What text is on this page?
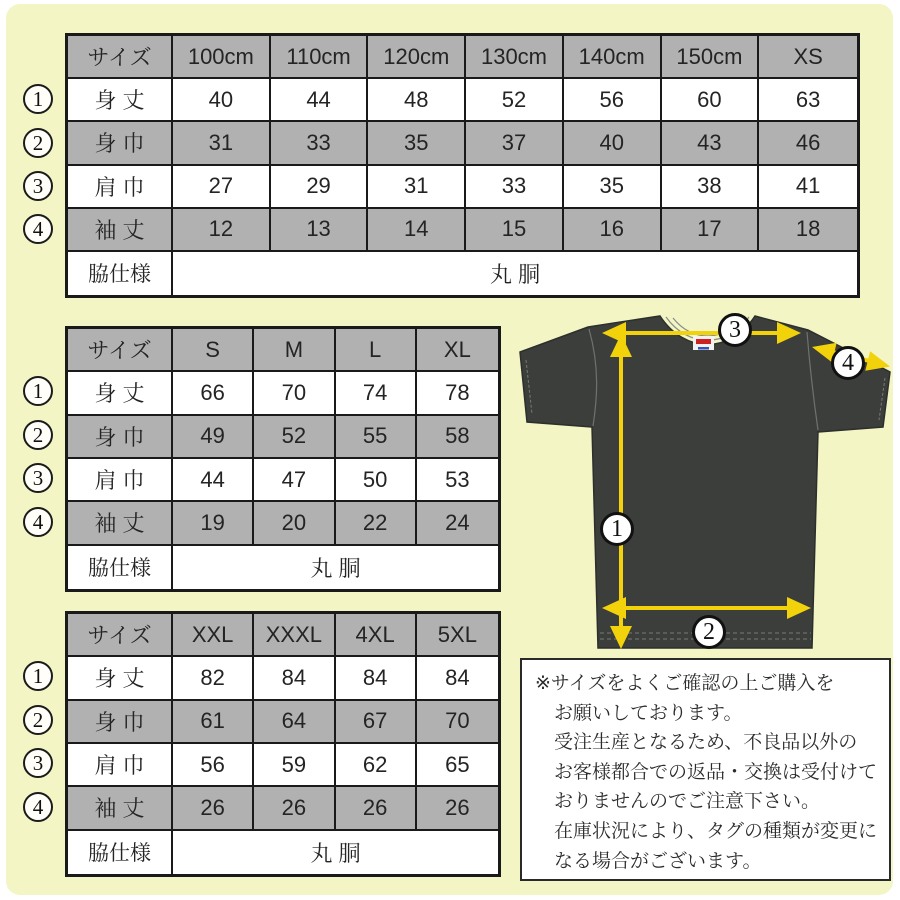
1
2
3
4
1
2
3
4
1
2
3
4
サイズ	100cm	110cm	120cm	130cm	140cm	150cm	XS
身 丈	40	44	48	52	56	60	63
身 巾	31	33	35	37	40	43	46
肩 巾	27	29	31	33	35	38	41
袖 丈	12	13	14	15	16	17	18
脇仕様	丸 胴
サイズ	S	M	L	XL
身 丈	66	70	74	78
身 巾	49	52	55	58
肩 巾	44	47	50	53
袖 丈	19	20	22	24
脇仕様	丸 胴
サイズ	XXL	XXXL	4XL	5XL
身 丈	82	84	84	84
身 巾	61	64	67	70
肩 巾	56	59	62	65
袖 丈	26	26	26	26
脇仕様	丸 胴
1
2
3
4
※サイズをよくご確認の上ご購入を
お願いしております。
受注生産となるため、不良品以外の
お客様都合での返品・交換は受付けて
おりませんのでご注意下さい。
在庫状況により、タグの種類が変更に
なる場合がございます。
